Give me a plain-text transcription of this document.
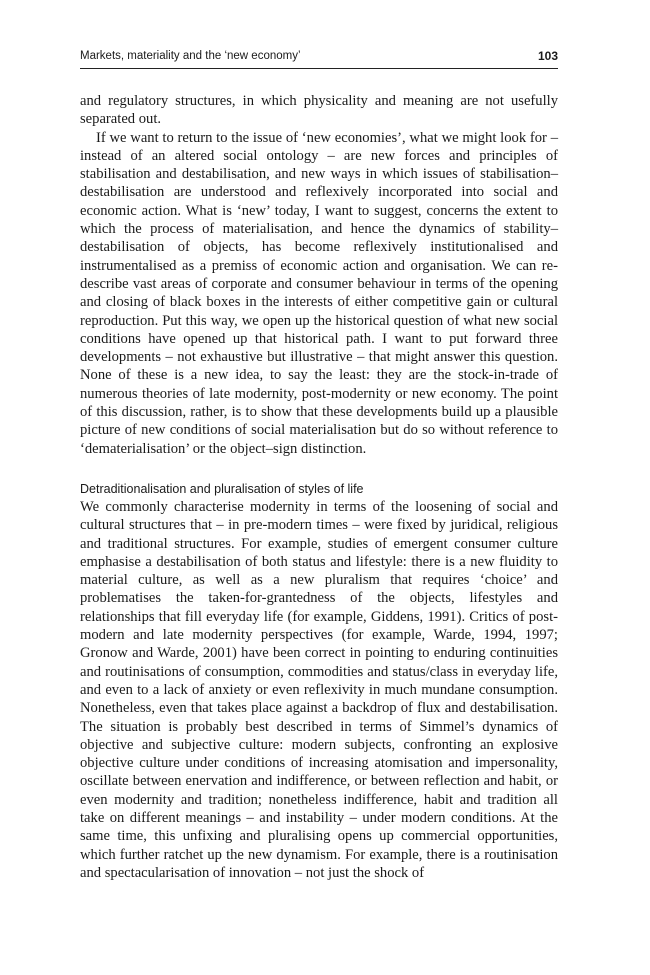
Markets, materiality and the ‘new economy’	103

and regulatory structures, in which physicality and meaning are not usefully separated out.

If we want to return to the issue of ‘new economies’, what we might look for – instead of an altered social ontology – are new forces and principles of stabilisation and destabilisation, and new ways in which issues of stabilisation–destabilisation are understood and reflexively incorporated into social and economic action. What is ‘new’ today, I want to suggest, concerns the extent to which the process of materialisation, and hence the dynamics of stability–destabilisation of objects, has become reflexively institutionalised and instrumentalised as a premiss of economic action and organisation. We can re-describe vast areas of corporate and consumer behaviour in terms of the opening and closing of black boxes in the interests of either competitive gain or cultural reproduction. Put this way, we open up the historical question of what new social conditions have opened up that historical path. I want to put forward three developments – not exhaustive but illustrative – that might answer this question. None of these is a new idea, to say the least: they are the stock-in-trade of numerous theories of late modernity, post-modernity or new economy. The point of this discussion, rather, is to show that these developments build up a plausible picture of new conditions of social materialisation but do so without reference to ‘dematerialisation’ or the object–sign distinction.

Detraditionalisation and pluralisation of styles of life

We commonly characterise modernity in terms of the loosening of social and cultural structures that – in pre-modern times – were fixed by juridical, religious and traditional structures. For example, studies of emergent consumer culture emphasise a destabilisation of both status and lifestyle: there is a new fluidity to material culture, as well as a new pluralism that requires ‘choice’ and problematises the taken-for-grantedness of the objects, lifestyles and relationships that fill everyday life (for example, Giddens, 1991). Critics of post-modern and late modernity perspectives (for example, Warde, 1994, 1997; Gronow and Warde, 2001) have been correct in pointing to enduring continuities and routinisations of consumption, commodities and status/class in everyday life, and even to a lack of anxiety or even reflexivity in much mundane consumption. Nonetheless, even that takes place against a backdrop of flux and destabilisation. The situation is probably best described in terms of Simmel’s dynamics of objective and subjective culture: modern subjects, confronting an explosive objective culture under conditions of increasing atomisation and impersonality, oscillate between enervation and indifference, or between reflection and habit, or even modernity and tradition; nonetheless indifference, habit and tradition all take on different meanings – and instability – under modern conditions. At the same time, this unfixing and pluralising opens up commercial opportunities, which further ratchet up the new dynamism. For example, there is a routinisation and spectacularisation of innovation – not just the shock of
